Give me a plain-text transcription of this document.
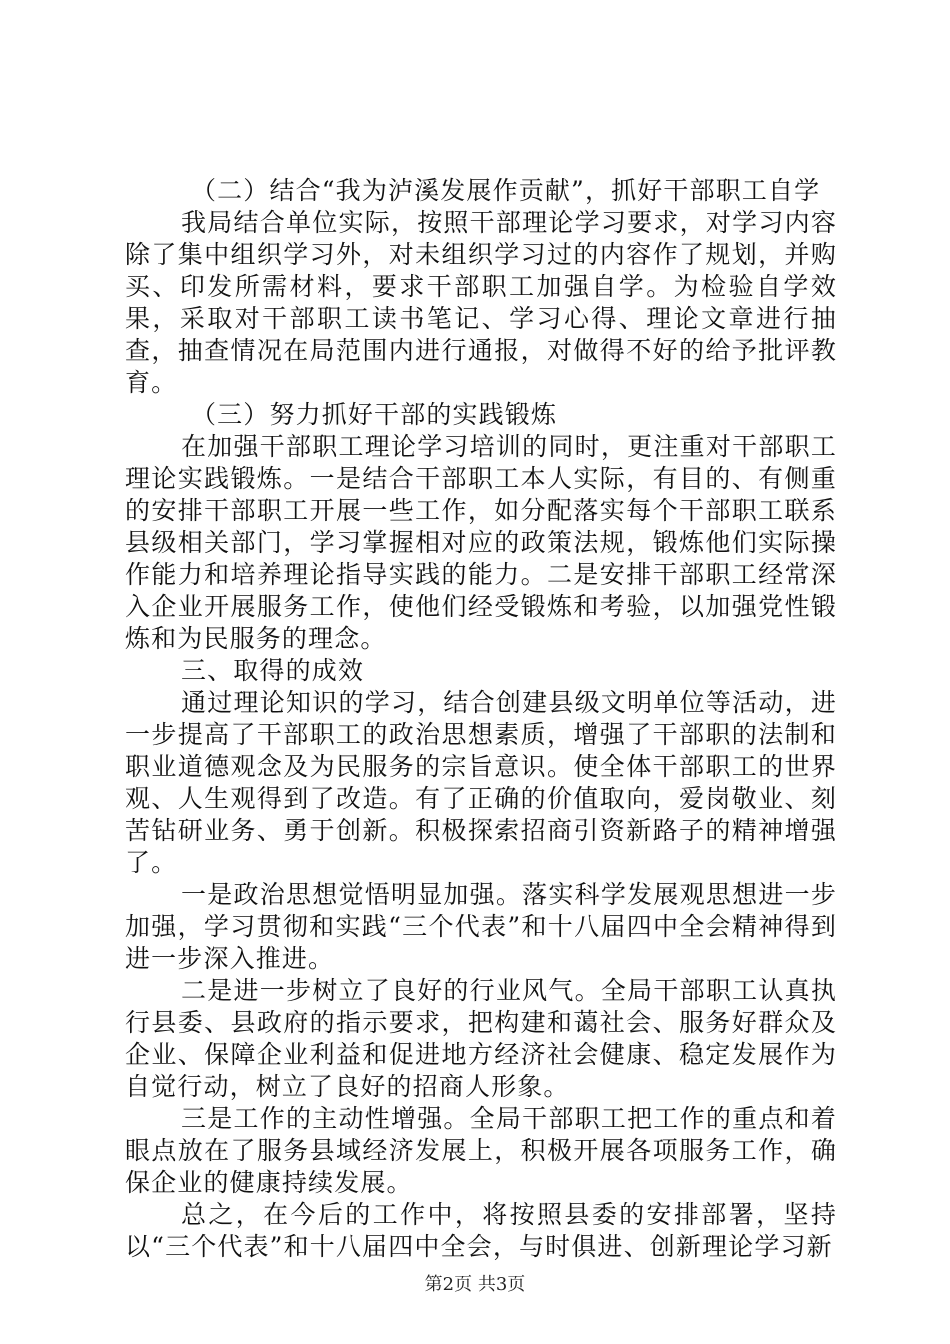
（二）结合“我为泸溪发展作贡献”，抓好干部职工自学

我局结合单位实际，按照干部理论学习要求，对学习内容除了集中组织学习外，对未组织学习过的内容作了规划，并购买、印发所需材料，要求干部职工加强自学。为检验自学效果，采取对干部职工读书笔记、学习心得、理论文章进行抽查，抽查情况在局范围内进行通报，对做得不好的给予批评教育。

（三）努力抓好干部的实践锻炼

在加强干部职工理论学习培训的同时，更注重对干部职工理论实践锻炼。一是结合干部职工本人实际，有目的、有侧重的安排干部职工开展一些工作，如分配落实每个干部职工联系县级相关部门，学习掌握相对应的政策法规，锻炼他们实际操作能力和培养理论指导实践的能力。二是安排干部职工经常深入企业开展服务工作，使他们经受锻炼和考验，以加强党性锻炼和为民服务的理念。

三、取得的成效

通过理论知识的学习，结合创建县级文明单位等活动，进一步提高了干部职工的政治思想素质，增强了干部职的法制和职业道德观念及为民服务的宗旨意识。使全体干部职工的世界观、人生观得到了改造。有了正确的价值取向，爱岗敬业、刻苦钻研业务、勇于创新。积极探索招商引资新路子的精神增强了。

一是政治思想觉悟明显加强。落实科学发展观思想进一步加强，学习贯彻和实践“三个代表”和十八届四中全会精神得到进一步深入推进。

二是进一步树立了良好的行业风气。全局干部职工认真执行县委、县政府的指示要求，把构建和蔼社会、服务好群众及企业、保障企业利益和促进地方经济社会健康、稳定发展作为自觉行动，树立了良好的招商人形象。

三是工作的主动性增强。全局干部职工把工作的重点和着眼点放在了服务县域经济发展上，积极开展各项服务工作，确保企业的健康持续发展。

总之，在今后的工作中，将按照县委的安排部署，坚持以“三个代表”和十八届四中全会，与时俱进、创新理论学习新

第2页 共3页
